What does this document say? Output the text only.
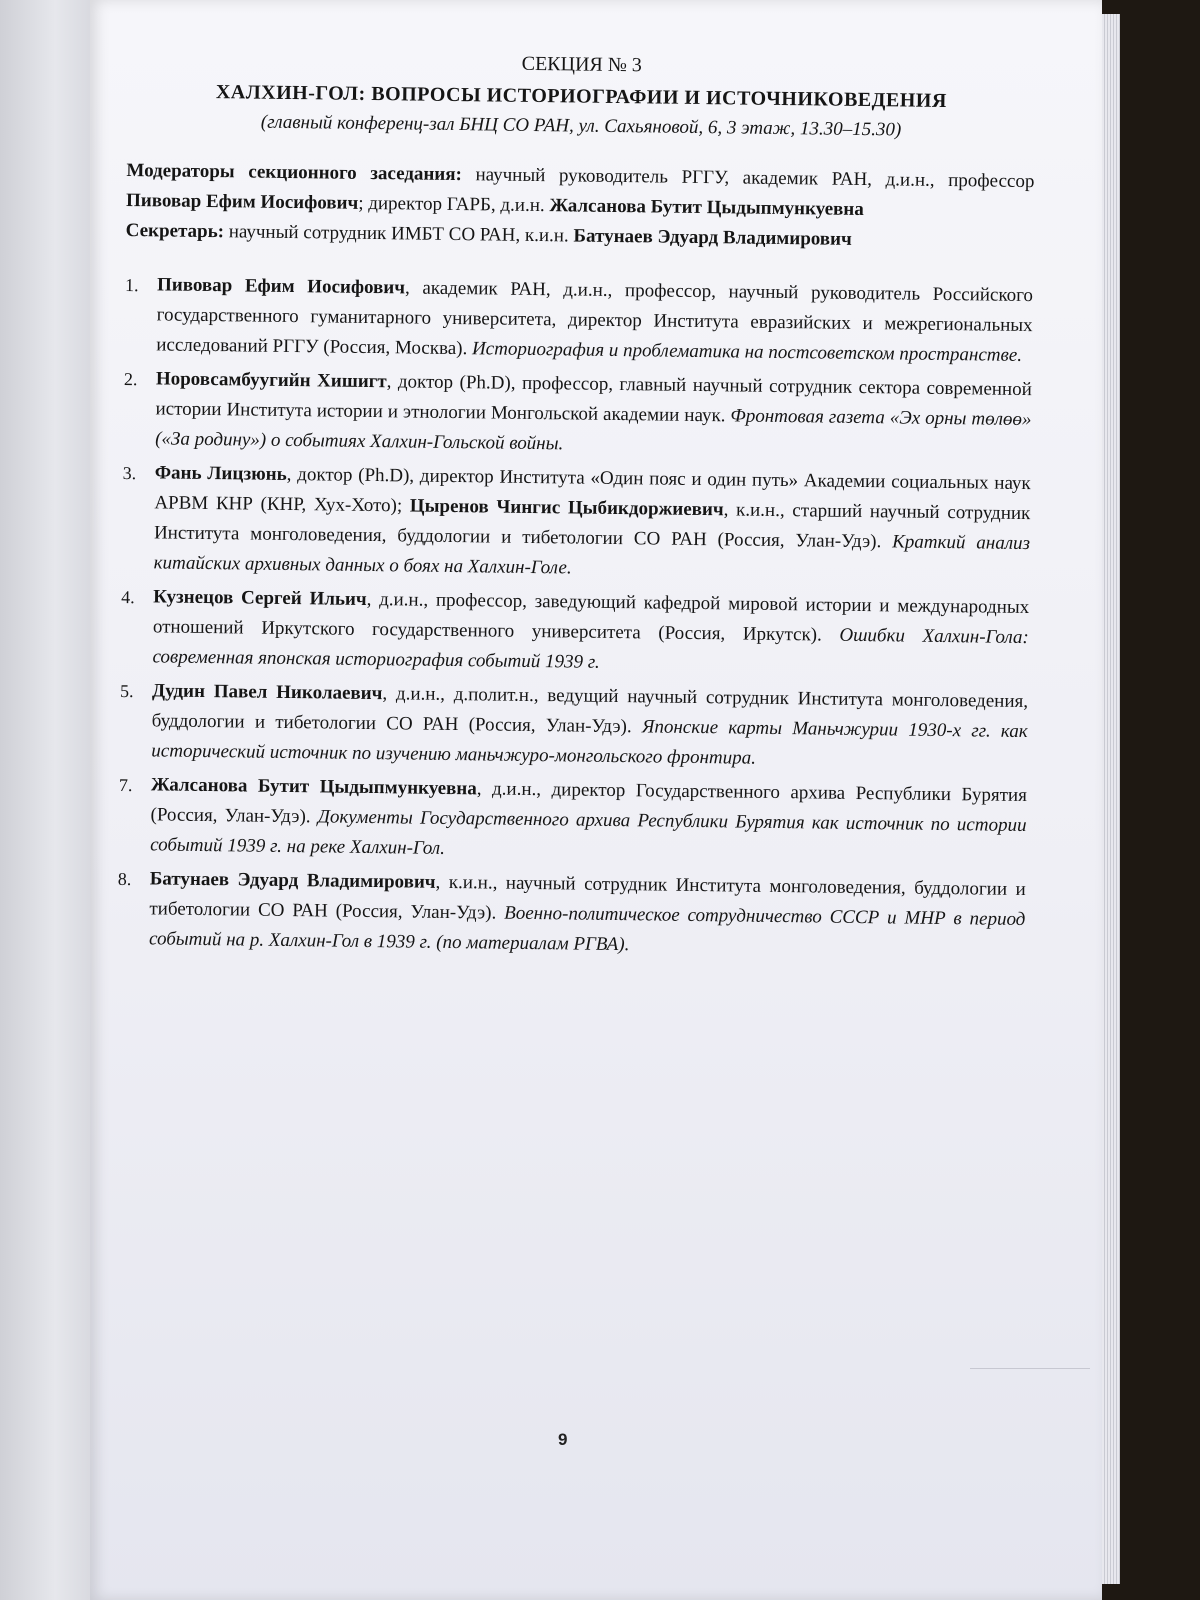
СЕКЦИЯ № 3
ХАЛХИН-ГОЛ: ВОПРОСЫ ИСТОРИОГРАФИИ И ИСТОЧНИКОВЕДЕНИЯ
(главный конференц-зал БНЦ СО РАН, ул. Сахьяновой, 6, 3 этаж, 13.30–15.30)

Модераторы секционного заседания: научный руководитель РГГУ, академик РАН, д.и.н., профессор Пивовар Ефим Иосифович; директор ГАРБ, д.и.н. Жалсанова Бутит Цыдыпмункуевна

Секретарь: научный сотрудник ИМБТ СО РАН, к.и.н. Батунаев Эдуард Владимирович

1. Пивовар Ефим Иосифович, академик РАН, д.и.н., профессор, научный руководитель Российского государственного гуманитарного университета, директор Института евразийских и межрегиональных исследований РГГУ (Россия, Москва). Историография и проблематика на постсоветском пространстве.
2. Норовсамбуугийн Хишигт, доктор (Ph.D), профессор, главный научный сотрудник сектора современной истории Института истории и этнологии Монгольской академии наук. Фронтовая газета «Эх орны төлөө» («За родину») о событиях Халхин-Гольской войны.
3. Фань Лицзюнь, доктор (Ph.D), директор Института «Один пояс и один путь» Академии социальных наук АРВМ КНР (КНР, Хух-Хото); Цыренов Чингис Цыбикдоржиевич, к.и.н., старший научный сотрудник Института монголоведения, буддологии и тибетологии СО РАН (Россия, Улан-Удэ). Краткий анализ китайских архивных данных о боях на Халхин-Голе.
4. Кузнецов Сергей Ильич, д.и.н., профессор, заведующий кафедрой мировой истории и международных отношений Иркутского государственного университета (Россия, Иркутск). Ошибки Халхин-Гола: современная японская историография событий 1939 г.
5. Дудин Павел Николаевич, д.и.н., д.полит.н., ведущий научный сотрудник Института монголоведения, буддологии и тибетологии СО РАН (Россия, Улан-Удэ). Японские карты Маньчжурии 1930-х гг. как исторический источник по изучению маньчжуро-монгольского фронтира.
7. Жалсанова Бутит Цыдыпмункуевна, д.и.н., директор Государственного архива Республики Бурятия (Россия, Улан-Удэ). Документы Государственного архива Республики Бурятия как источник по истории событий 1939 г. на реке Халхин-Гол.
8. Батунаев Эдуард Владимирович, к.и.н., научный сотрудник Института монголоведения, буддологии и тибетологии СО РАН (Россия, Улан-Удэ). Военно-политическое сотрудничество СССР и МНР в период событий на р. Халхин-Гол в 1939 г. (по материалам РГВА).
9
